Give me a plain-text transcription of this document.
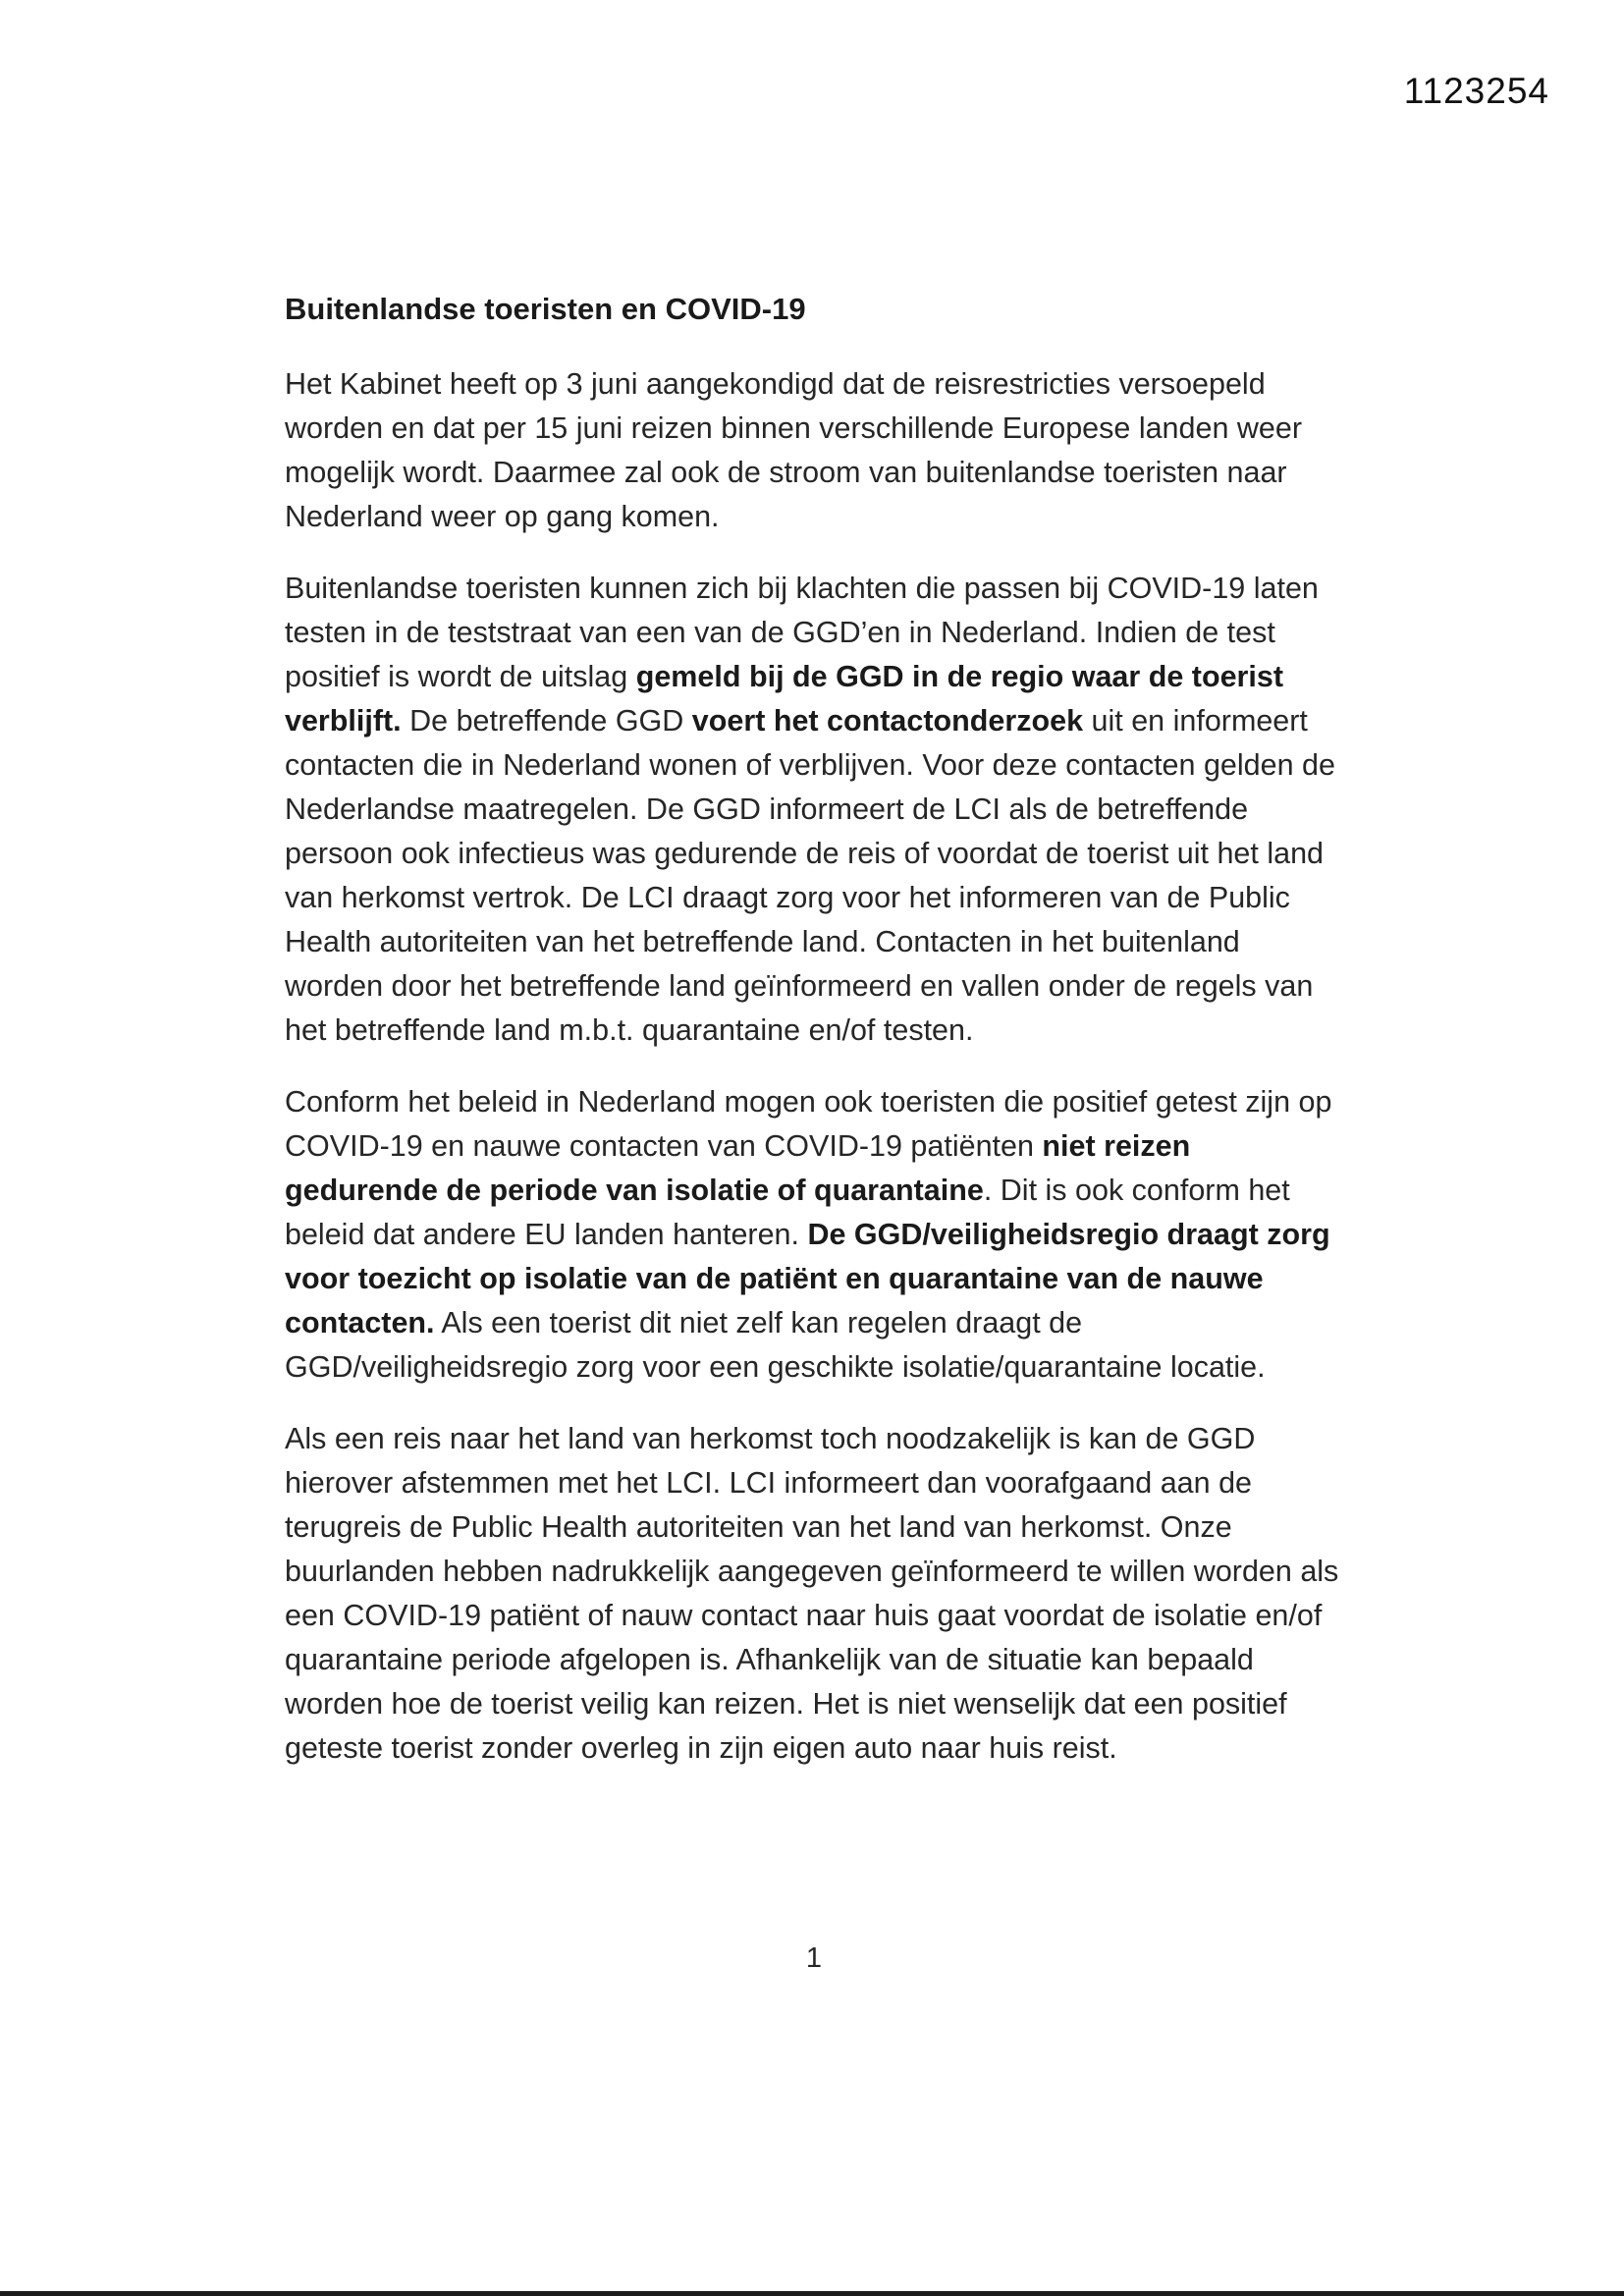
1123254
Buitenlandse toeristen en COVID-19

Het Kabinet heeft op 3 juni aangekondigd dat de reisrestricties versoepeld worden en dat per 15 juni reizen binnen verschillende Europese landen weer mogelijk wordt. Daarmee zal ook de stroom van buitenlandse toeristen naar Nederland weer op gang komen.

Buitenlandse toeristen kunnen zich bij klachten die passen bij COVID-19 laten testen in de teststraat van een van de GGD’en in Nederland. Indien de test positief is wordt de uitslag gemeld bij de GGD in de regio waar de toerist verblijft. De betreffende GGD voert het contactonderzoek uit en informeert contacten die in Nederland wonen of verblijven. Voor deze contacten gelden de Nederlandse maatregelen. De GGD informeert de LCI als de betreffende persoon ook infectieus was gedurende de reis of voordat de toerist uit het land van herkomst vertrok. De LCI draagt zorg voor het informeren van de Public Health autoriteiten van het betreffende land. Contacten in het buitenland worden door het betreffende land geïnformeerd en vallen onder de regels van het betreffende land m.b.t. quarantaine en/of testen.

Conform het beleid in Nederland mogen ook toeristen die positief getest zijn op COVID-19 en nauwe contacten van COVID-19 patiënten niet reizen gedurende de periode van isolatie of quarantaine. Dit is ook conform het beleid dat andere EU landen hanteren. De GGD/veiligheidsregio draagt zorg voor toezicht op isolatie van de patiënt en quarantaine van de nauwe contacten. Als een toerist dit niet zelf kan regelen draagt de GGD/veiligheidsregio zorg voor een geschikte isolatie/quarantaine locatie.

Als een reis naar het land van herkomst toch noodzakelijk is kan de GGD hierover afstemmen met het LCI. LCI informeert dan voorafgaand aan de terugreis de Public Health autoriteiten van het land van herkomst. Onze buurlanden hebben nadrukkelijk aangegeven geïnformeerd te willen worden als een COVID-19 patiënt of nauw contact naar huis gaat voordat de isolatie en/of quarantaine periode afgelopen is. Afhankelijk van de situatie kan bepaald worden hoe de toerist veilig kan reizen. Het is niet wenselijk dat een positief geteste toerist zonder overleg in zijn eigen auto naar huis reist.

1
